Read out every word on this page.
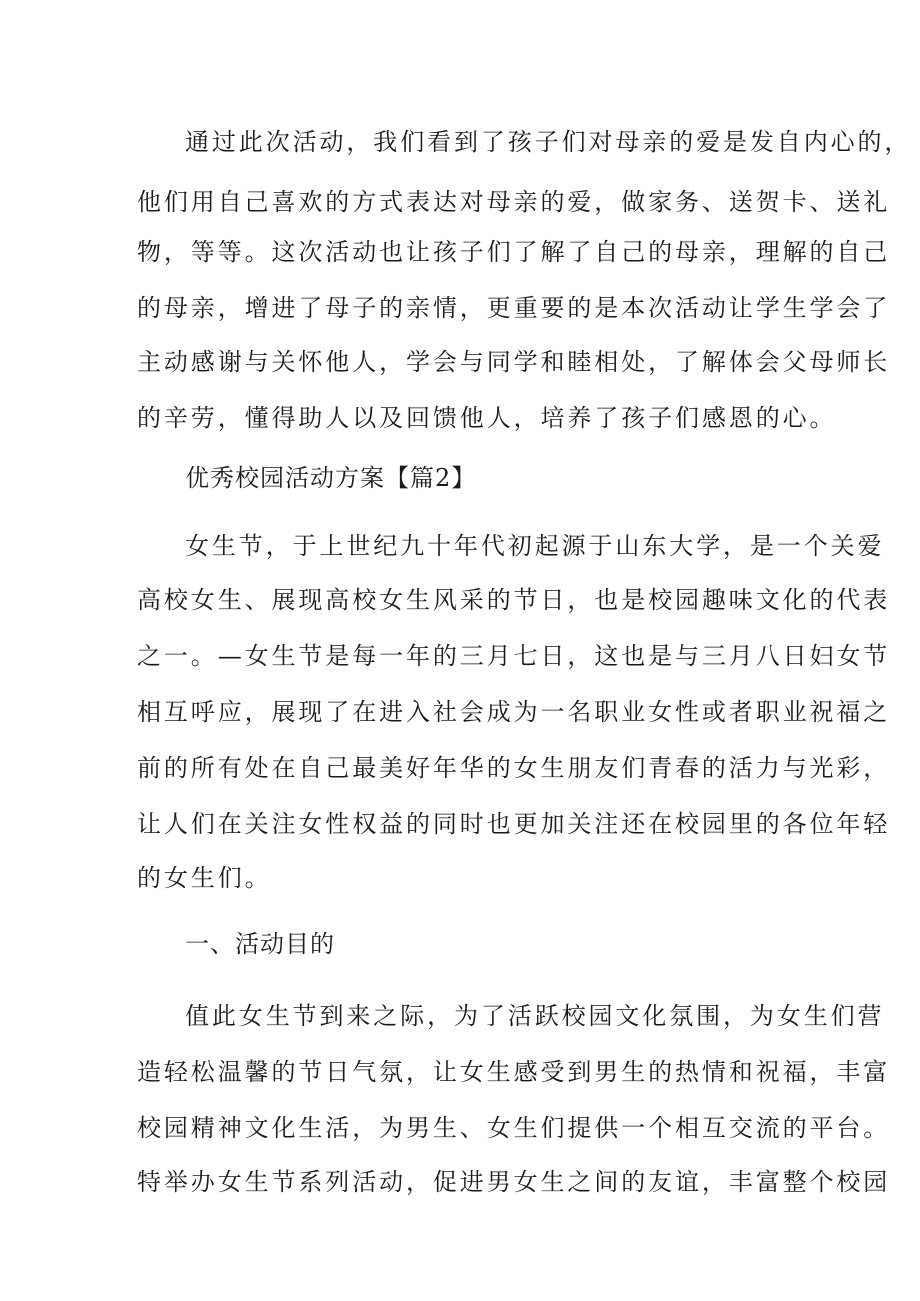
通过此次活动，我们看到了孩子们对母亲的爱是发自内心的，
他们用自己喜欢的方式表达对母亲的爱，做家务、送贺卡、送礼
物，等等。这次活动也让孩子们了解了自己的母亲，理解的自己
的母亲，增进了母子的亲情，更重要的是本次活动让学生学会了
主动感谢与关怀他人，学会与同学和睦相处，了解体会父母师长
的辛劳，懂得助人以及回馈他人，培养了孩子们感恩的心。
优秀校园活动方案【篇2】
女生节，于上世纪九十年代初起源于山东大学，是一个关爱
高校女生、展现高校女生风采的节日，也是校园趣味文化的代表
之一。—女生节是每一年的三月七日，这也是与三月八日妇女节
相互呼应，展现了在进入社会成为一名职业女性或者职业祝福之
前的所有处在自己最美好年华的女生朋友们青春的活力与光彩，
让人们在关注女性权益的同时也更加关注还在校园里的各位年轻
的女生们。
一、活动目的
值此女生节到来之际，为了活跃校园文化氛围，为女生们营
造轻松温馨的节日气氛，让女生感受到男生的热情和祝福，丰富
校园精神文化生活，为男生、女生们提供一个相互交流的平台。
特举办女生节系列活动，促进男女生之间的友谊，丰富整个校园
